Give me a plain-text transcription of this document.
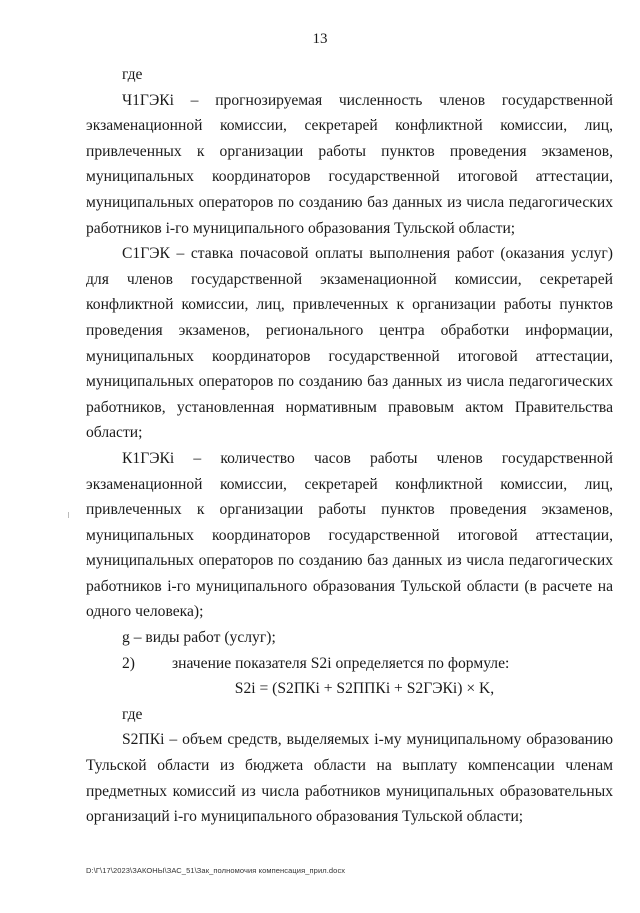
13

где

Ч1ГЭКi – прогнозируемая численность членов государственной экзаменационной комиссии, секретарей конфликтной комиссии, лиц, привлеченных к организации работы пунктов проведения экзаменов, муниципальных координаторов государственной итоговой аттестации, муниципальных операторов по созданию баз данных из числа педагогических работников i-го муниципального образования Тульской области;

С1ГЭК – ставка почасовой оплаты выполнения работ (оказания услуг) для членов государственной экзаменационной комиссии, секретарей конфликтной комиссии, лиц, привлеченных к организации работы пунктов проведения экзаменов, регионального центра обработки информации, муниципальных координаторов государственной итоговой аттестации, муниципальных операторов по созданию баз данных из числа педагогических работников, установленная нормативным правовым актом Правительства области;

К1ГЭКi – количество часов работы членов государственной экзаменационной комиссии, секретарей конфликтной комиссии, лиц, привлеченных к организации работы пунктов проведения экзаменов, муниципальных координаторов государственной итоговой аттестации, муниципальных операторов по созданию баз данных из числа педагогических работников i-го муниципального образования Тульской области (в расчете на одного человека);

g – виды работ (услуг);

2)	значение показателя S2i определяется по формуле:

S2i = (S2ПКi + S2ППКi + S2ГЭКi) × K,

где

S2ПКi – объем средств, выделяемых i-му муниципальному образованию Тульской области из бюджета области на выплату компенсации членам предметных комиссий из числа работников муниципальных образовательных организаций i-го муниципального образования Тульской области;

D:\Г\17\2023\ЗАКОНЫ\ЗАС_51\Зак_полномочия компенсация_прил.docx
